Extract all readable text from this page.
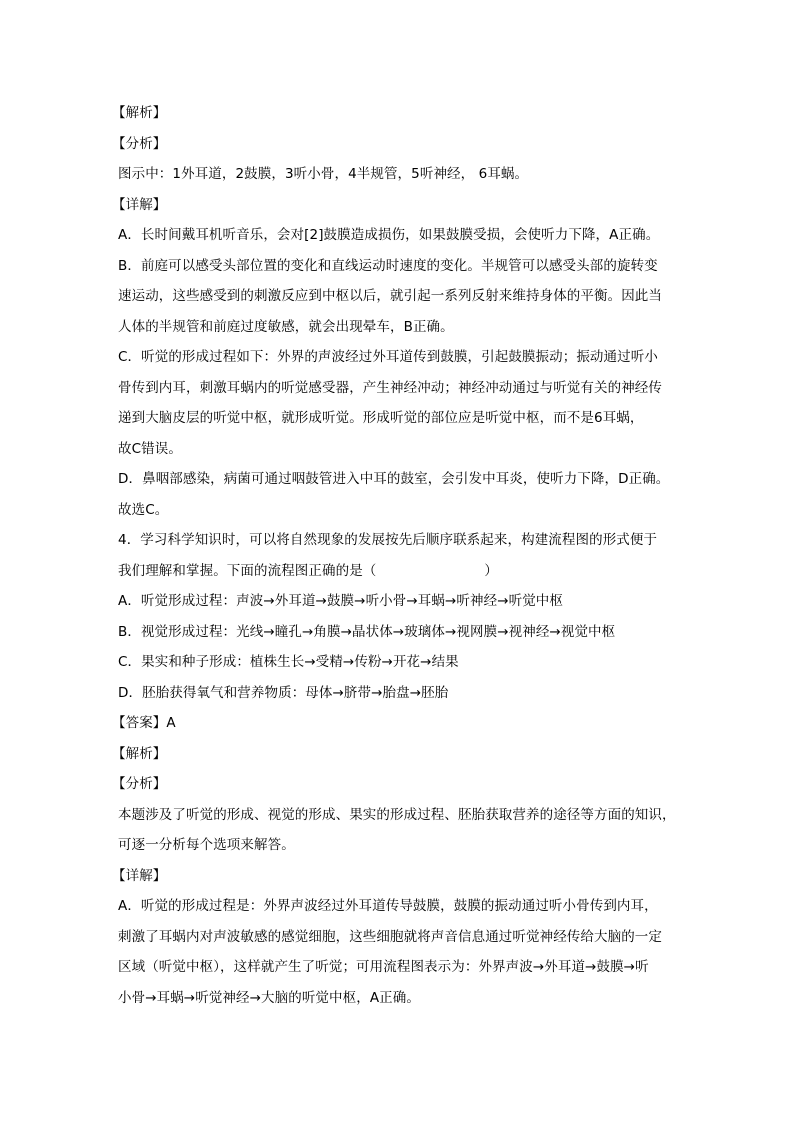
【解析】
【分析】
图示中：1外耳道，2鼓膜，3听小骨，4半规管，5听神经， 6耳蜗。
【详解】
A．长时间戴耳机听音乐，会对[2]鼓膜造成损伤，如果鼓膜受损，会使听力下降，A正确。
B．前庭可以感受头部位置的变化和直线运动时速度的变化。半规管可以感受头部的旋转变
速运动，这些感受到的刺激反应到中枢以后，就引起一系列反射来维持身体的平衡。因此当
人体的半规管和前庭过度敏感，就会出现晕车，B正确。
C．听觉的形成过程如下：外界的声波经过外耳道传到鼓膜，引起鼓膜振动；振动通过听小
骨传到内耳，刺激耳蜗内的听觉感受器，产生神经冲动；神经冲动通过与听觉有关的神经传
递到大脑皮层的听觉中枢，就形成听觉。形成听觉的部位应是听觉中枢，而不是6耳蜗，
故C错误。
D．鼻咽部感染，病菌可通过咽鼓管进入中耳的鼓室，会引发中耳炎，使听力下降，D正确。
故选C。
4．学习科学知识时，可以将自然现象的发展按先后顺序联系起来，构建流程图的形式便于
我们理解和掌握。下面的流程图正确的是（	）
A．听觉形成过程：声波→外耳道→鼓膜→听小骨→耳蜗→听神经→听觉中枢
B．视觉形成过程：光线→瞳孔→角膜→晶状体→玻璃体→视网膜→视神经→视觉中枢
C．果实和种子形成：植株生长→受精→传粉→开花→结果
D．胚胎获得氧气和营养物质：母体→脐带→胎盘→胚胎
【答案】A
【解析】
【分析】
本题涉及了听觉的形成、视觉的形成、果实的形成过程、胚胎获取营养的途径等方面的知识，
可逐一分析每个选项来解答。
【详解】
A．听觉的形成过程是：外界声波经过外耳道传导鼓膜，鼓膜的振动通过听小骨传到内耳，
刺激了耳蜗内对声波敏感的感觉细胞，这些细胞就将声音信息通过听觉神经传给大脑的一定
区域（听觉中枢），这样就产生了听觉；可用流程图表示为：外界声波→外耳道→鼓膜→听
小骨→耳蜗→听觉神经→大脑的听觉中枢，A正确。
